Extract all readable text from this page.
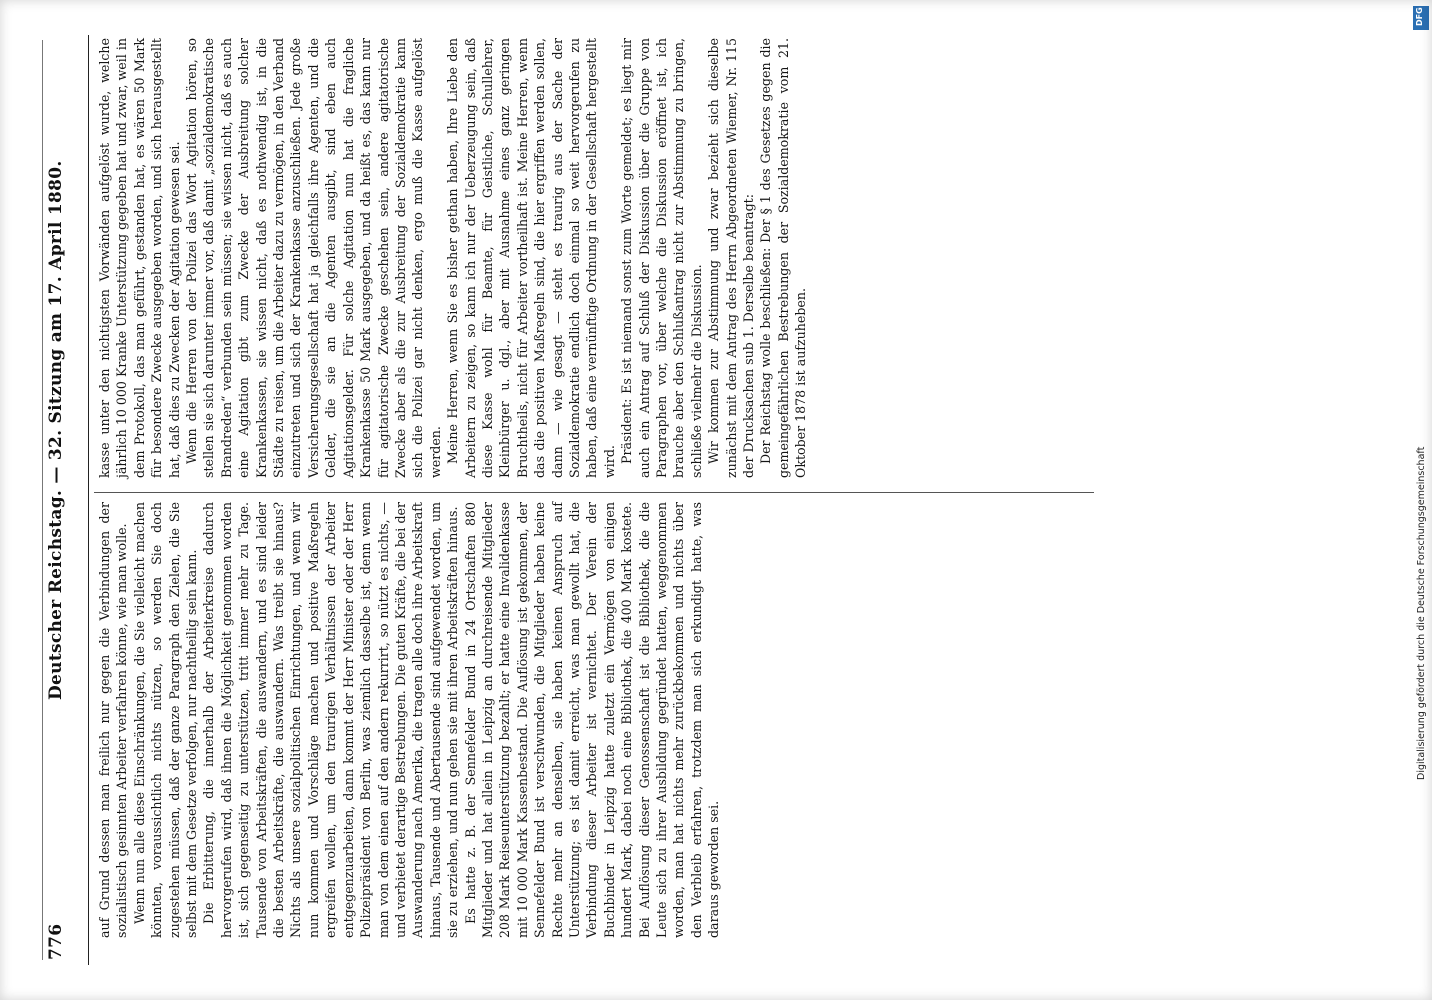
776
Deutscher Reichstag. — 32. Sitzung am 17. April 1880.

auf Grund dessen man freilich nur gegen die Verbindungen der sozialistisch gesinnten Arbeiter verfahren könne, wie man wolle. Wenn nun alle diese Einschränkungen, die Sie vielleicht machen könnten, voraussichtlich nichts nützen, so werden Sie doch zugestehen müssen, daß der ganze Paragraph den Zielen, die Sie selbst mit dem Gesetze verfolgen, nur nachtheilig sein kann. Die Erbitterung, die innerhalb der Arbeiterkreise dadurch hervorgerufen wird, daß ihnen die Möglichkeit genommen worden ist, sich gegenseitig zu unterstützen, tritt immer mehr zu Tage. Tausende von Arbeitskräften, die auswandern, und es sind leider die besten Arbeitskräfte, die auswandern. Was treibt sie hinaus? Nichts als unsere sozialpolitischen Einrichtungen, und wenn wir nun kommen und Vorschläge machen und positive Maßregeln ergreifen wollen, um den traurigen Verhältnissen der Arbeiter entgegenzuarbeiten, dann kommt der Herr Minister oder der Herr Polizeipräsident von Berlin, was ziemlich dasselbe ist, denn wenn man von dem einen auf den andern rekurrirt, so nützt es nichts, — und verbietet derartige Bestrebungen. Die guten Kräfte, die bei der Auswanderung nach Amerika, die tragen alle doch ihre Arbeitskraft hinaus, Tausende und Abertausende sind aufgewendet worden, um sie zu erziehen, und nun gehen sie mit ihren Arbeitskräften hinaus. Es hatte z. B. der Sennefelder Bund in 24 Ortschaften 880 Mitglieder und hat allein in Leipzig an durchreisende Mitglieder 208 Mark Reiseunterstützung bezahlt; er hatte eine Invalidenkasse mit 10 000 Mark Kassenbestand. Die Auflösung ist gekommen, der Sennefelder Bund ist verschwunden, die Mitglieder haben keine Rechte mehr an denselben, sie haben keinen Anspruch auf Unterstützung; es ist damit erreicht, was man gewollt hat, die Verbindung dieser Arbeiter ist vernichtet. Der Verein der Buchbinder in Leipzig hatte zuletzt ein Vermögen von einigen hundert Mark, dabei noch eine Bibliothek, die 400 Mark kostete. Bei Auflösung dieser Genossenschaft ist die Bibliothek, die die Leute sich zu ihrer Ausbildung gegründet hatten, weggenommen worden, man hat nichts mehr zurückbekommen und nichts über den Verbleib erfahren, trotzdem man sich erkundigt hatte, was daraus geworden sei.

kasse unter den nichtigsten Vorwänden aufgelöst wurde, welche jährlich 10 000 Kranke Unterstützung gegeben hat und zwar, weil in dem Protokoll, das man geführt, gestanden hat, es wären 50 Mark für besondere Zwecke ausgegeben worden, und sich herausgestellt hat, daß dies zu Zwecken der Agitation gewesen sei. Wenn die Herren von der Polizei das Wort Agitation hören, so stellen sie sich darunter immer vor, daß damit „sozialdemokratische Brandreden“ verbunden sein müssen; sie wissen nicht, daß es auch eine Agitation gibt zum Zwecke der Ausbreitung solcher Krankenkassen, sie wissen nicht, daß es nothwendig ist, in die Städte zu reisen, um die Arbeiter dazu zu vermögen, in den Verband einzutreten und sich der Krankenkasse anzuschließen. Jede große Versicherungsgesellschaft hat ja gleichfalls ihre Agenten, und die Gelder, die sie an die Agenten ausgibt, sind eben auch Agitationsgelder. Für solche Agitation nun hat die fragliche Krankenkasse 50 Mark ausgegeben, und da heißt es, das kann nur für agitatorische Zwecke geschehen sein, andere agitatorische Zwecke aber als die zur Ausbreitung der Sozialdemokratie kann sich die Polizei gar nicht denken, ergo muß die Kasse aufgelöst werden. Meine Herren, wenn Sie es bisher gethan haben, Ihre Liebe den Arbeitern zu zeigen, so kann ich nur der Ueberzeugung sein, daß diese Kasse wohl für Beamte, für Geistliche, Schullehrer, Kleinbürger u. dgl., aber mit Ausnahme eines ganz geringen Bruchtheils, nicht für Arbeiter vortheilhaft ist. Meine Herren, wenn das die positiven Maßregeln sind, die hier ergriffen werden sollen, dann — wie gesagt — steht es traurig aus der Sache der Sozialdemokratie endlich doch einmal so weit hervorgerufen zu haben, daß eine vernünftige Ordnung in der Gesellschaft hergestellt wird. Präsident: Es ist niemand sonst zum Worte gemeldet; es liegt mir auch ein Antrag auf Schluß der Diskussion über die Gruppe von Paragraphen vor, über welche die Diskussion eröffnet ist, ich brauche aber den Schlußantrag nicht zur Abstimmung zu bringen, schließe vielmehr die Diskussion. Wir kommen zur Abstimmung und zwar bezieht sich dieselbe zunächst mit dem Antrag des Herrn Abgeordneten Wiemer, Nr. 115 der Drucksachen sub 1. Derselbe beantragt: Der Reichstag wolle beschließen: Der § 1 des Gesetzes gegen die gemeingefährlichen Bestrebungen der Sozialdemokratie vom 21. Oktober 1878 ist aufzuheben.

Digitalisierung gefördert durch die Deutsche Forschungsgemeinschaft
DFG
